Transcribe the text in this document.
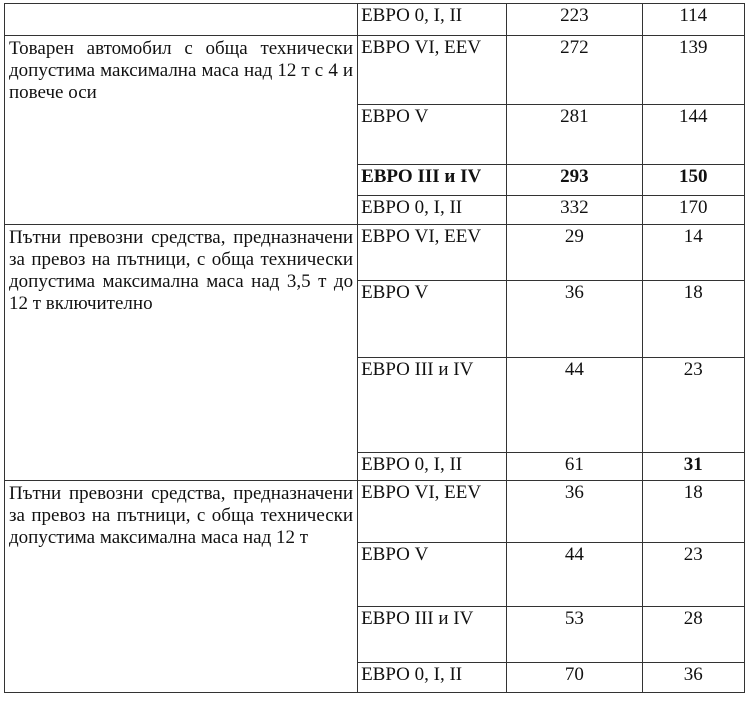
	ЕВРО 0, I, II	223	114
Товарен автомобил с обща технически допустима максимална маса над 12 т с 4 и повече оси	ЕВРО VI, EEV	272	139
	ЕВРО V	281	144
	ЕВРО III и IV	293	150
	ЕВРО 0, I, II	332	170
Пътни превозни средства, предназначени за превоз на пътници, с обща технически допустима максимална маса над 3,5 т до 12 т включително	ЕВРО VI, EEV	29	14
	ЕВРО V	36	18
	ЕВРО III и IV	44	23
	ЕВРО 0, I, II	61	31
Пътни превозни средства, предназначени за превоз на пътници, с обща технически допустима максимална маса над 12 т	ЕВРО VI, EEV	36	18
	ЕВРО V	44	23
	ЕВРО III и IV	53	28
	ЕВРО 0, I, II	70	36
